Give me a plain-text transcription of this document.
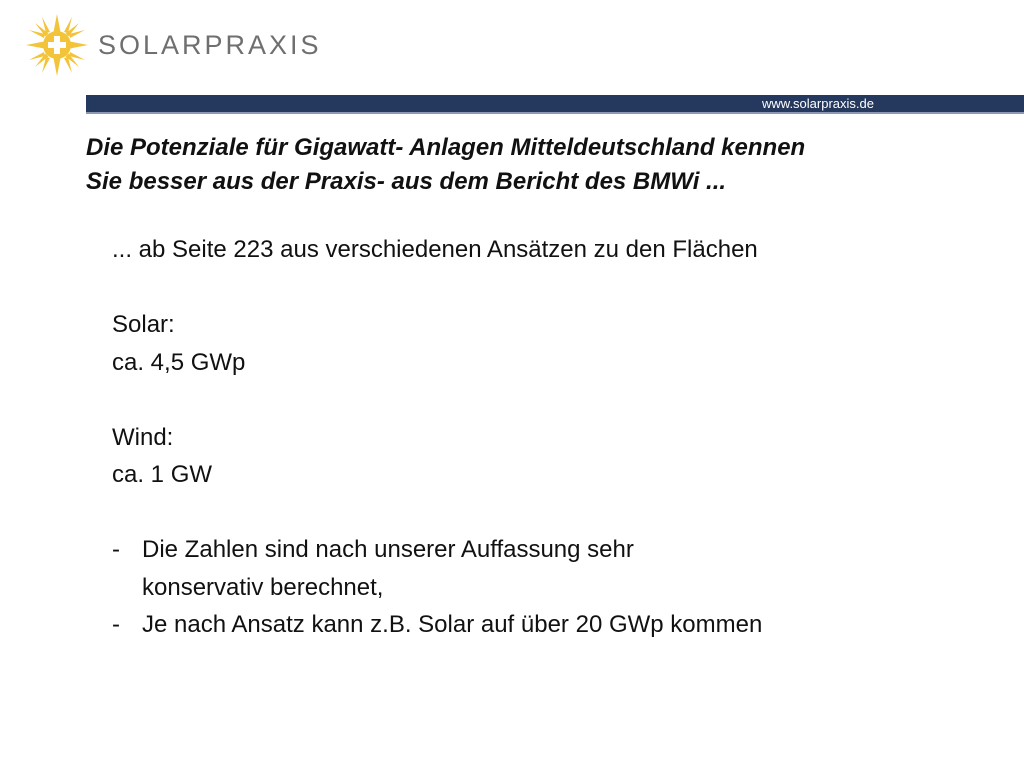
SOLARPRAXIS
www.solarpraxis.de
Die Potenziale für Gigawatt- Anlagen Mitteldeutschland kennen
Sie besser aus der Praxis- aus dem Bericht des BMWi ...
... ab Seite 223 aus verschiedenen Ansätzen zu den Flächen
Solar:
ca. 4,5 GWp
Wind:
ca. 1 GW
- Die Zahlen sind nach unserer Auffassung sehr
konservativ berechnet,
- Je nach Ansatz kann z.B. Solar auf über 20 GWp kommen
